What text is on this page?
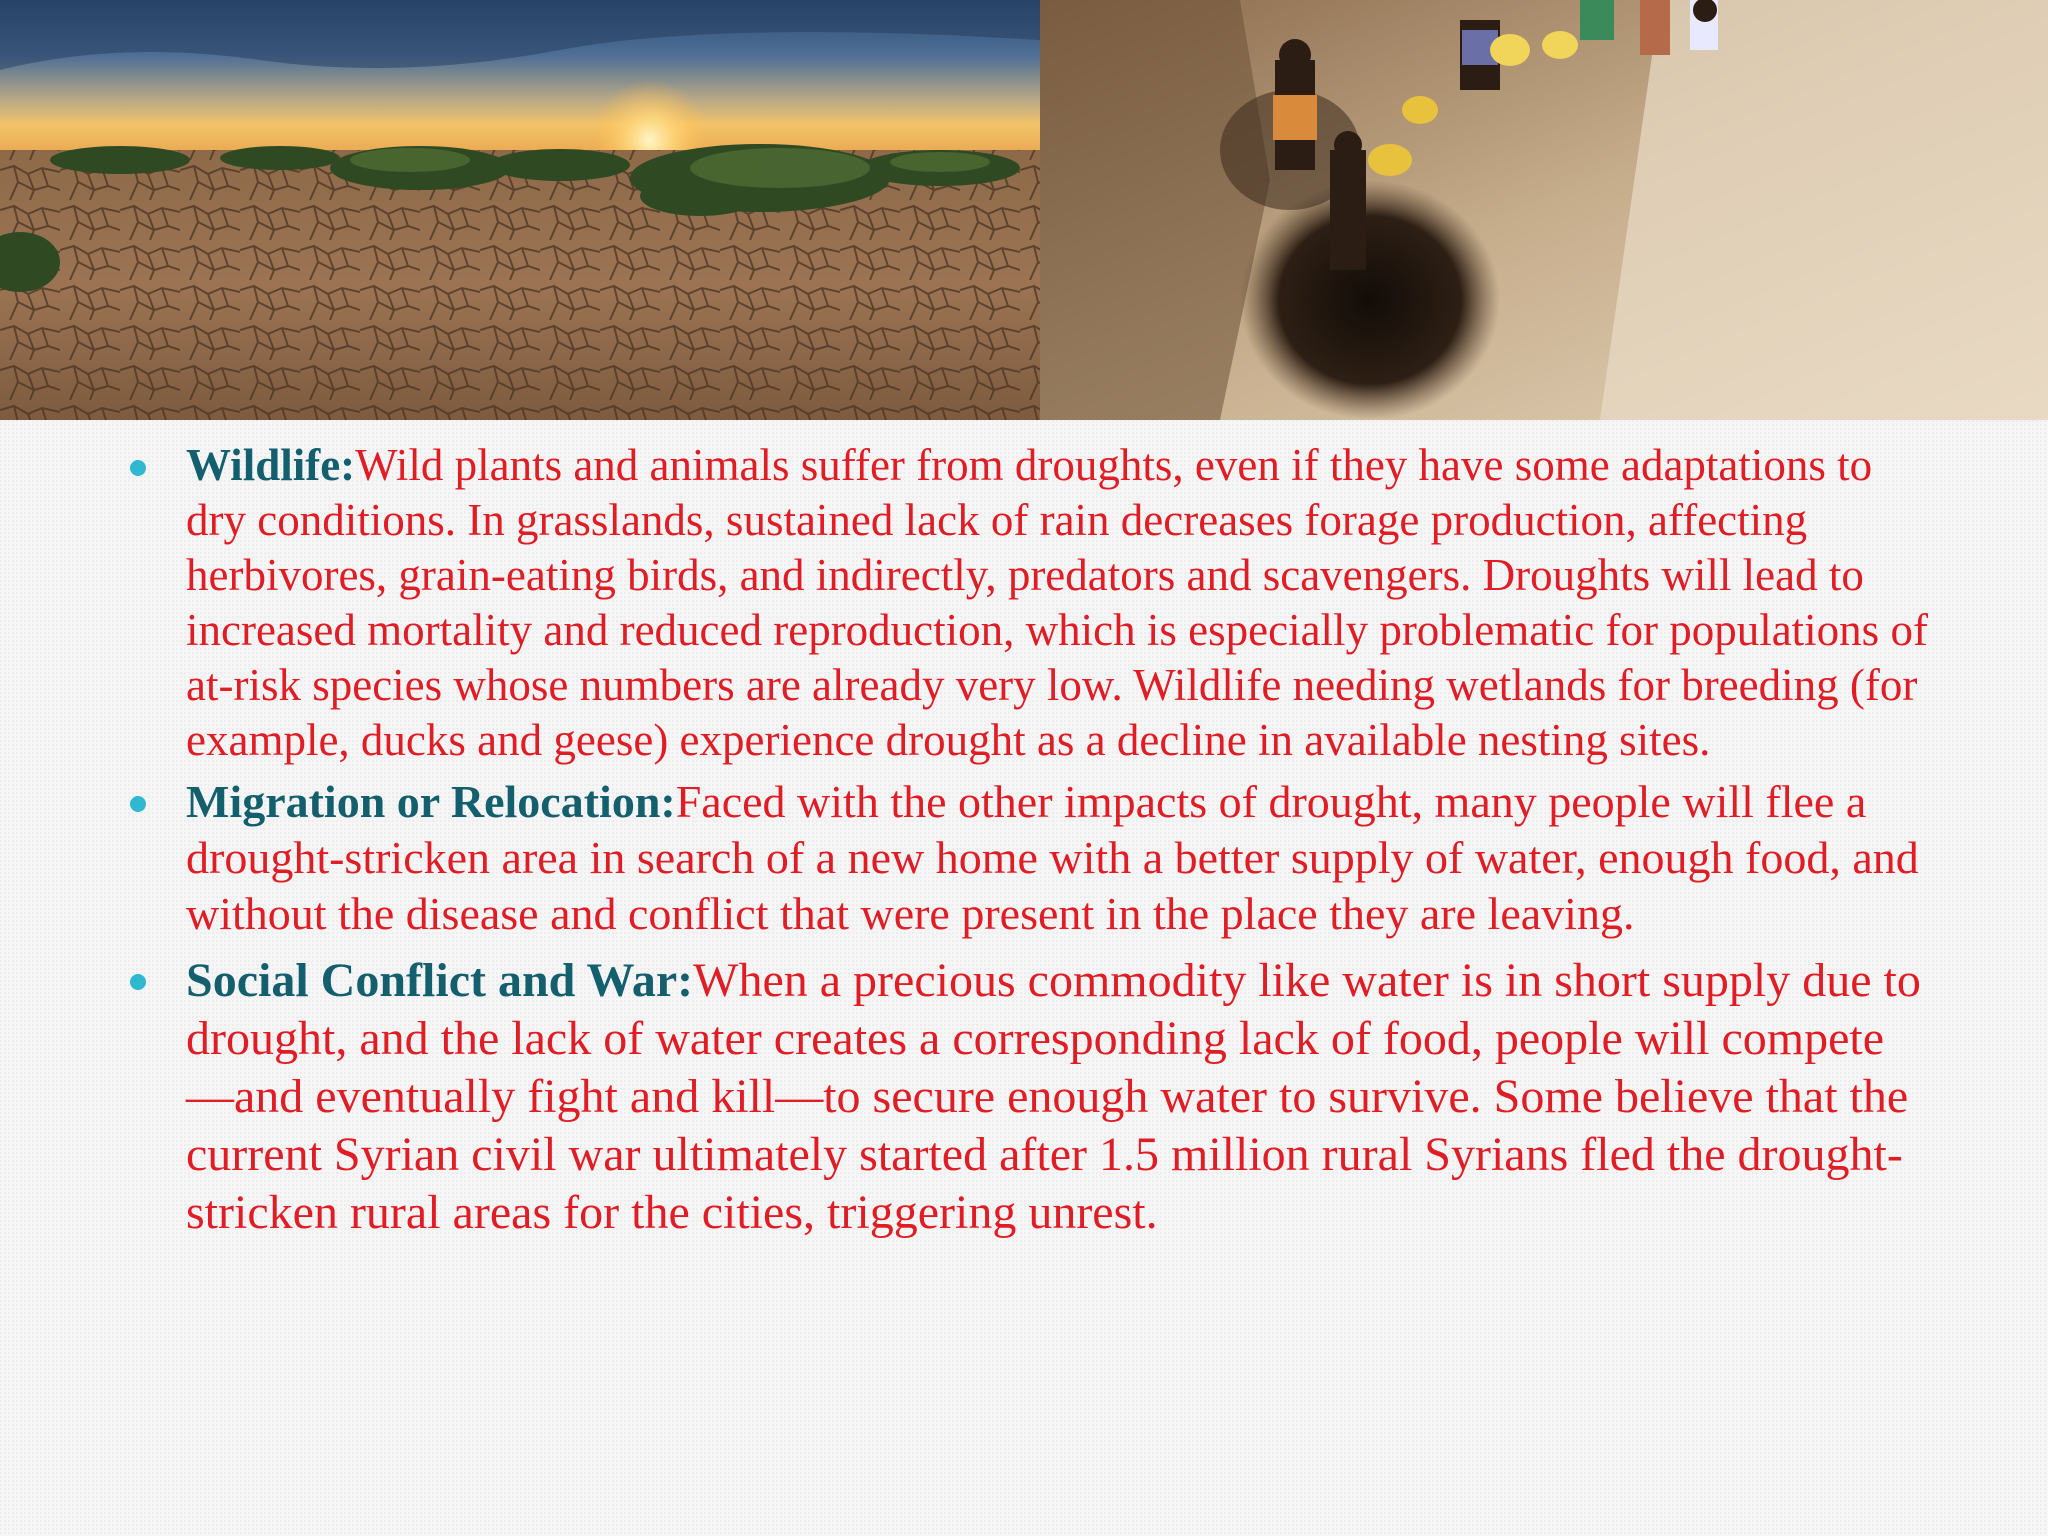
Wildlife:Wild plants and animals suffer from droughts, even if they have some adaptations to dry conditions. In grasslands, sustained lack of rain decreases forage production, affecting herbivores, grain-eating birds, and indirectly, predators and scavengers. Droughts will lead to increased mortality and reduced reproduction, which is especially problematic for populations of at-risk species whose numbers are already very low. Wildlife needing wetlands for breeding (for example, ducks and geese) experience drought as a decline in available nesting sites.
Migration or Relocation:Faced with the other impacts of drought, many people will flee a drought-stricken area in search of a new home with a better supply of water, enough food, and without the disease and conflict that were present in the place they are leaving.
Social Conflict and War:When a precious commodity like water is in short supply due to drought, and the lack of water creates a corresponding lack of food, people will compete—and eventually fight and kill—to secure enough water to survive. Some believe that the current Syrian civil war ultimately started after 1.5 million rural Syrians fled the drought-stricken rural areas for the cities, triggering unrest.
